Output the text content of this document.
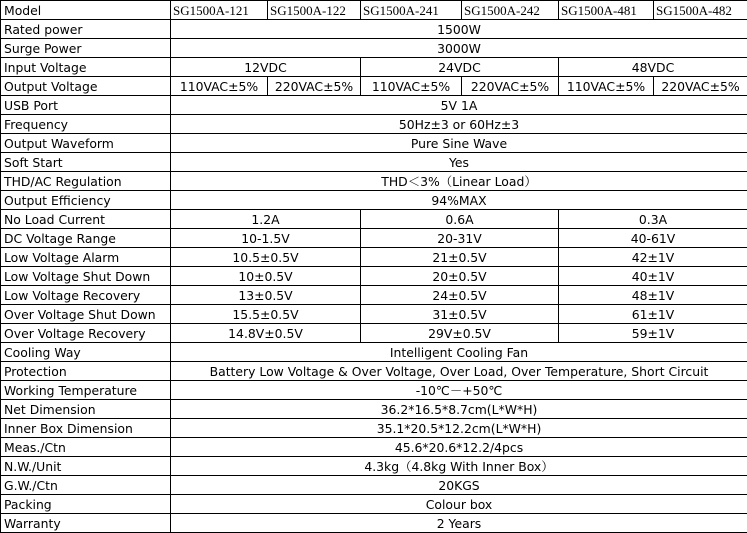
Model	SG1500A-121	SG1500A-122	SG1500A-241	SG1500A-242	SG1500A-481	SG1500A-482
Rated power	1500W					
Surge Power	3000W					
Input Voltage	12VDC		24VDC		48VDC	
Output Voltage	110VAC±5%	220VAC±5%	110VAC±5%	220VAC±5%	110VAC±5%	220VAC±5%
USB Port	5V 1A					
Frequency	50Hz±3 or 60Hz±3					
Output Waveform	Pure Sine Wave					
Soft Start	Yes					
THD/AC Regulation	THD＜3%（Linear Load）					
Output Efficiency	94%MAX					
No Load Current	1.2A		0.6A		0.3A	
DC Voltage Range	10-1.5V		20-31V		40-61V	
Low Voltage Alarm	10.5±0.5V		21±0.5V		42±1V	
Low Voltage Shut Down	10±0.5V		20±0.5V		40±1V	
Low Voltage Recovery	13±0.5V		24±0.5V		48±1V	
Over Voltage Shut Down	15.5±0.5V		31±0.5V		61±1V	
Over Voltage Recovery	14.8V±0.5V		29V±0.5V		59±1V	
Cooling Way	Intelligent Cooling Fan					
Protection	Battery Low Voltage & Over Voltage, Over Load, Over Temperature, Short Circuit					
Working Temperature	-10℃－+50℃					
Net Dimension	36.2*16.5*8.7cm(L*W*H)					
Inner Box Dimension	35.1*20.5*12.2cm(L*W*H)					
Meas./Ctn	45.6*20.6*12.2/4pcs					
N.W./Unit	4.3kg（4.8kg With Inner Box）					
G.W./Ctn	20KGS					
Packing	Colour box					
Warranty	2 Years					
